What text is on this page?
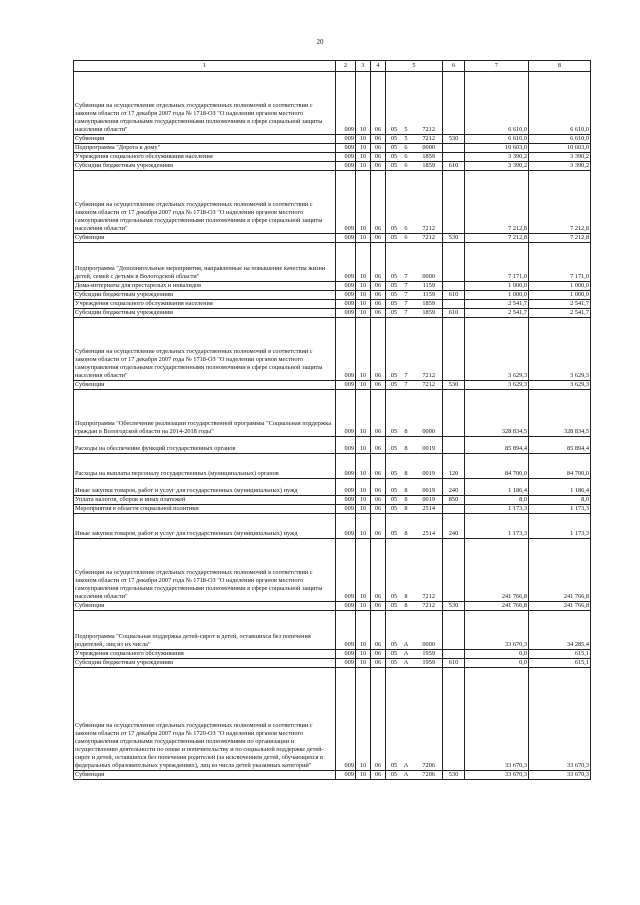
20
1	2	3	4	5	6	7	8
Субвенции на осуществление отдельных государственных полномочий в соответствии с законом области от 17 декабря 2007 года № 1718-ОЗ "О наделении органов местного самоуправления отдельными государственными полномочиями в сфере социальной защиты населения области"	009	10	06	05 5 7212		6 610,0	6 610,0
Субвенции	009	10	06	05 5 7212	530	6 610,0	6 610,0
Подпрограмма "Дорога к дому"	009	10	06	05 6 0000		10 603,0	10 603,0
Учреждения социального обслуживания населения	009	10	06	05 6 1859		3 390,2	3 390,2
Субсидии бюджетным учреждениям	009	10	06	05 6 1859	610	3 390,2	3 390,2
Субвенции на осуществление отдельных государственных полномочий в соответствии с законом области от 17 декабря 2007 года № 1718-ОЗ "О наделении органов местного самоуправления отдельными государственными полномочиями в сфере социальной защиты населения области"	009	10	06	05 6 7212		7 212,8	7 212,8
Субвенции	009	10	06	05 6 7212	530	7 212,8	7 212,8
Подпрограмма "Дополнительные мероприятия, направленные на повышение качества жизни детей, семей с детьми в Вологодской области"	009	10	06	05 7 0000		7 171,0	7 171,0
Дома-интернаты для престарелых и инвалидов	009	10	06	05 7 1159		1 000,0	1 000,0
Субсидии бюджетным учреждениям	009	10	06	05 7 1159	610	1 000,0	1 000,0
Учреждения социального обслуживания населения	009	10	06	05 7 1859		2 541,7	2 541,7
Субсидии бюджетным учреждениям	009	10	06	05 7 1859	610	2 541,7	2 541,7
Субвенции на осуществление отдельных государственных полномочий в соответствии с законом области от 17 декабря 2007 года № 1718-ОЗ "О наделении органов местного самоуправления отдельными государственными полномочиями в сфере социальной защиты населения области"	009	10	06	05 7 7212		3 629,3	3 629,3
Субвенции	009	10	06	05 7 7212	530	3 629,3	3 629,3
Подпрограмма "Обеспечение реализации государственной программы "Социальная поддержка граждан в Вологодской области на 2014-2018 годы"	009	10	06	05 8 0000		328 834,5	328 834,5
Расходы на обеспечение функций государственных органов	009	10	06	05 8 0019		85 894,4	85 894,4
Расходы на выплаты персоналу государственных (муниципальных) органов	009	10	06	05 8 0019	120	84 700,0	84 700,0
Иные закупки товаров, работ и услуг для государственных (муниципальных) нужд	009	10	06	05 8 0019	240	1 186,4	1 186,4
Уплата налогов, сборов и иных платежей	009	10	06	05 8 0019	850	8,0	8,0
Мероприятия в области социальной политики	009	10	06	05 8 2514		1 173,3	1 173,3
Иные закупки товаров, работ и услуг для государственных (муниципальных) нужд	009	10	06	05 8 2514	240	1 173,3	1 173,3
Субвенции на осуществление отдельных государственных полномочий в соответствии с законом области от 17 декабря 2007 года № 1718-ОЗ "О наделении органов местного самоуправления отдельными государственными полномочиями в сфере социальной защиты населения области"	009	10	06	05 8 7212		241 766,8	241 766,8
Субвенции	009	10	06	05 8 7212	530	241 766,8	241 766,8
Подпрограмма "Социальная поддержка детей-сирот и детей, оставшихся без попечения родителей, лиц из их числа"	009	10	06	05 А 0000		33 670,3	34 285,4
Учреждения социального обслуживания	009	10	06	05 А 1959		0,0	615,1
Субсидии бюджетным учреждениям	009	10	06	05 А 1959	610	0,0	615,1
Субвенции на осуществление отдельных государственных полномочий в соответствии с законом области от 17 декабря 2007 года № 1720-ОЗ "О наделении органов местного самоуправления отдельными государственными полномочиями по организации и осуществлению деятельности по опеке и попечительству и по социальной поддержке детей-сирот и детей, оставшихся без попечения родителей (за исключением детей, обучающихся в федеральных образовательных учреждениях), лиц из числа детей указанных категорий"	009	10	06	05 А 7206		33 670,3	33 670,3
Субвенции	009	10	06	05 А 7206	530	33 670,3	33 670,3
